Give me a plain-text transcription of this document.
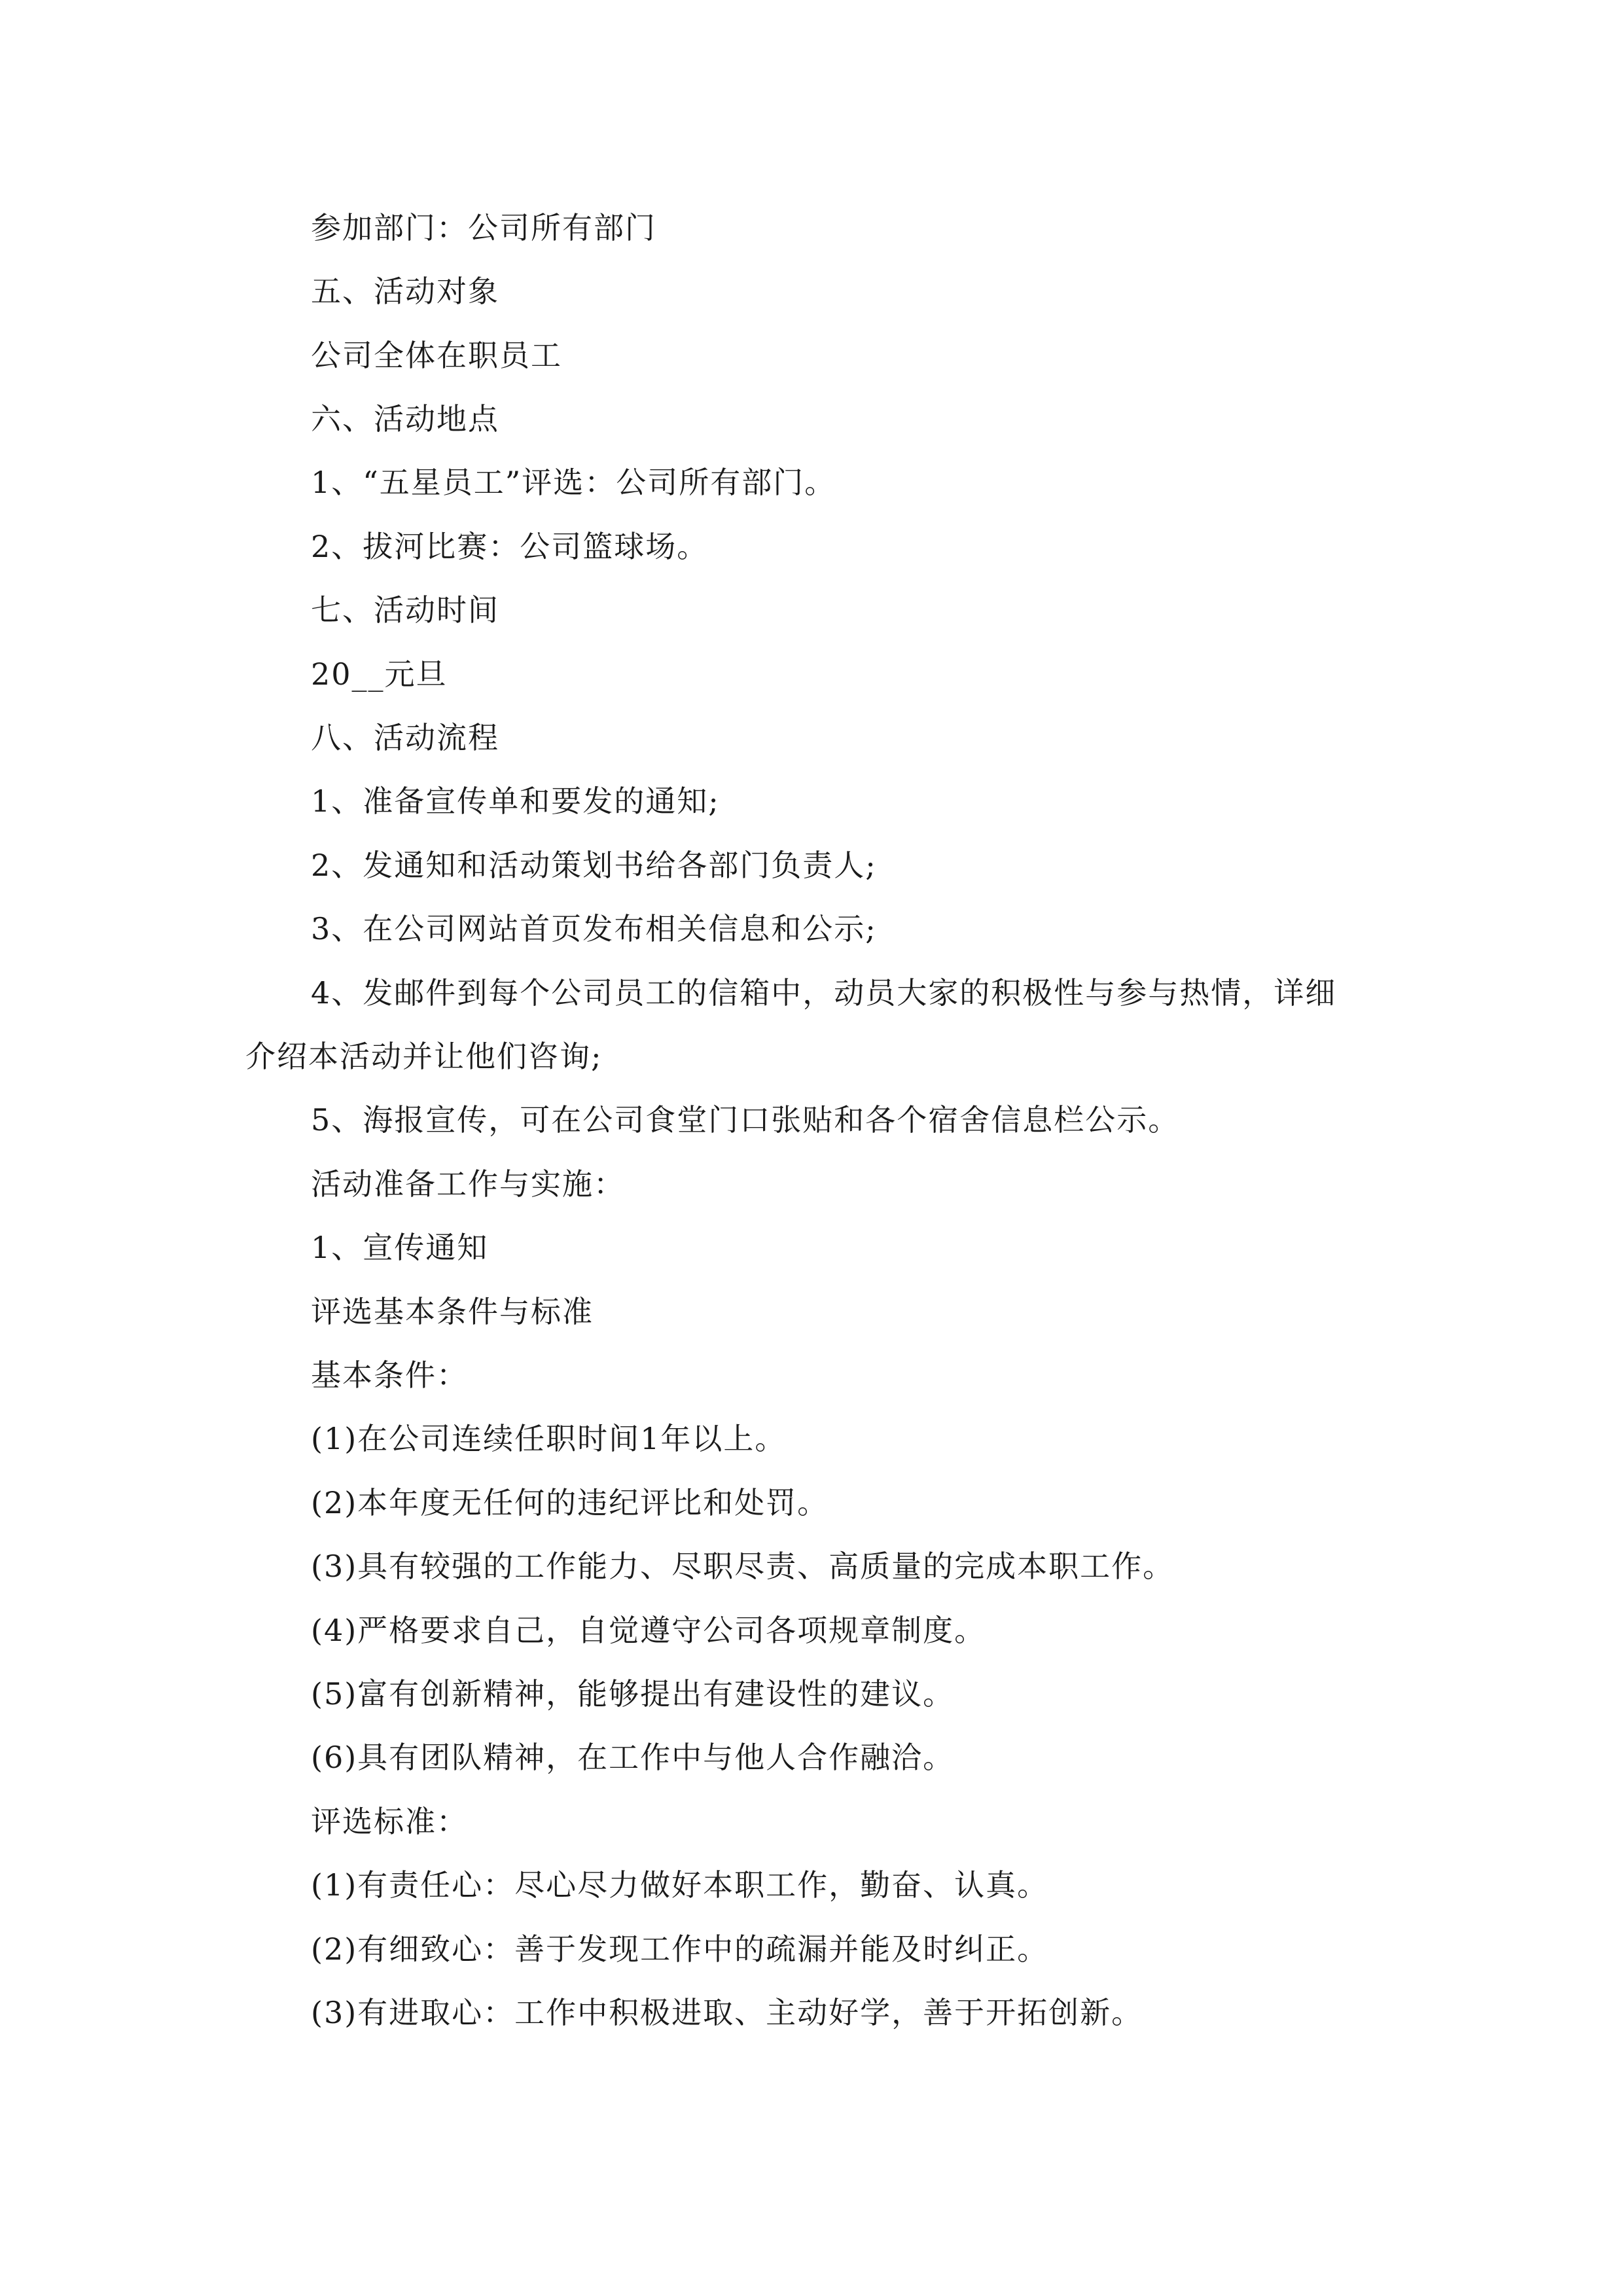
参加部门：公司所有部门
五、活动对象
公司全体在职员工
六、活动地点
1、“五星员工”评选：公司所有部门。
2、拔河比赛：公司篮球场。
七、活动时间
20__元旦
八、活动流程
1、准备宣传单和要发的通知;
2、发通知和活动策划书给各部门负责人;
3、在公司网站首页发布相关信息和公示;
4、发邮件到每个公司员工的信箱中，动员大家的积极性与参与热情，详细
介绍本活动并让他们咨询;
5、海报宣传，可在公司食堂门口张贴和各个宿舍信息栏公示。
活动准备工作与实施：
1、宣传通知
评选基本条件与标准
基本条件：
(1)在公司连续任职时间1年以上。
(2)本年度无任何的违纪评比和处罚。
(3)具有较强的工作能力、尽职尽责、高质量的完成本职工作。
(4)严格要求自己，自觉遵守公司各项规章制度。
(5)富有创新精神，能够提出有建设性的建议。
(6)具有团队精神，在工作中与他人合作融洽。
评选标准：
(1)有责任心：尽心尽力做好本职工作，勤奋、认真。
(2)有细致心：善于发现工作中的疏漏并能及时纠正。
(3)有进取心：工作中积极进取、主动好学，善于开拓创新。
